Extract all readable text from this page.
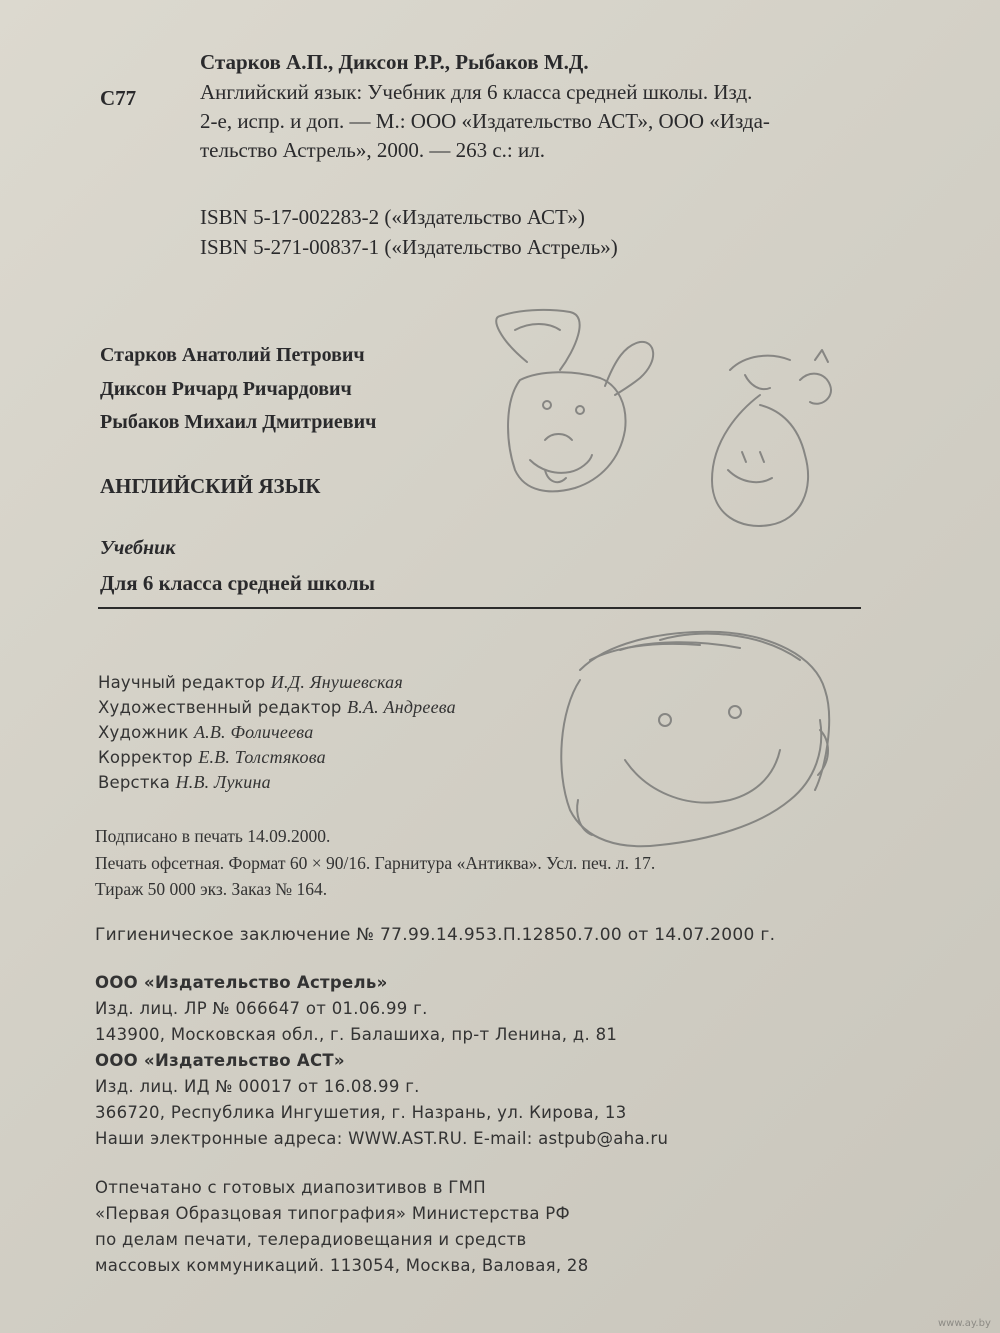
Старков А.П., Диксон Р.Р., Рыбаков М.Д.
С77	Английский язык: Учебник для 6 класса средней школы. Изд.
2-е, испр. и доп. — М.: ООО «Издательство АСТ», ООО «Изда-
тельство Астрель», 2000. — 263 с.: ил.
ISBN 5-17-002283-2 («Издательство АСТ»)
ISBN 5-271-00837-1 («Издательство Астрель»)
Старков Анатолий Петрович
Диксон Ричард Ричардович
Рыбаков Михаил Дмитриевич
АНГЛИЙСКИЙ ЯЗЫК
Учебник
Для 6 класса средней школы
Научный редактор И.Д. Янушевская
Художественный редактор В.А. Андреева
Художник А.В. Фоличеева
Корректор Е.В. Толстякова
Верстка Н.В. Лукина
Подписано в печать 14.09.2000.
Печать офсетная. Формат 60 × 90/16. Гарнитура «Антиква». Усл. печ. л. 17.
Тираж 50 000 экз. Заказ № 164.
Гигиеническое заключение № 77.99.14.953.П.12850.7.00 от 14.07.2000 г.
ООО «Издательство Астрель»
Изд. лиц. ЛР № 066647 от 01.06.99 г.
143900, Московская обл., г. Балашиха, пр-т Ленина, д. 81
ООО «Издательство АСТ»
Изд. лиц. ИД № 00017 от 16.08.99 г.
366720, Республика Ингушетия, г. Назрань, ул. Кирова, 13
Наши электронные адреса: WWW.AST.RU. E-mail: astpub@aha.ru
Отпечатано с готовых диапозитивов в ГМП
«Первая Образцовая типография» Министерства РФ
по делам печати, телерадиовещания и средств
массовых коммуникаций. 113054, Москва, Валовая, 28
www.ay.by
